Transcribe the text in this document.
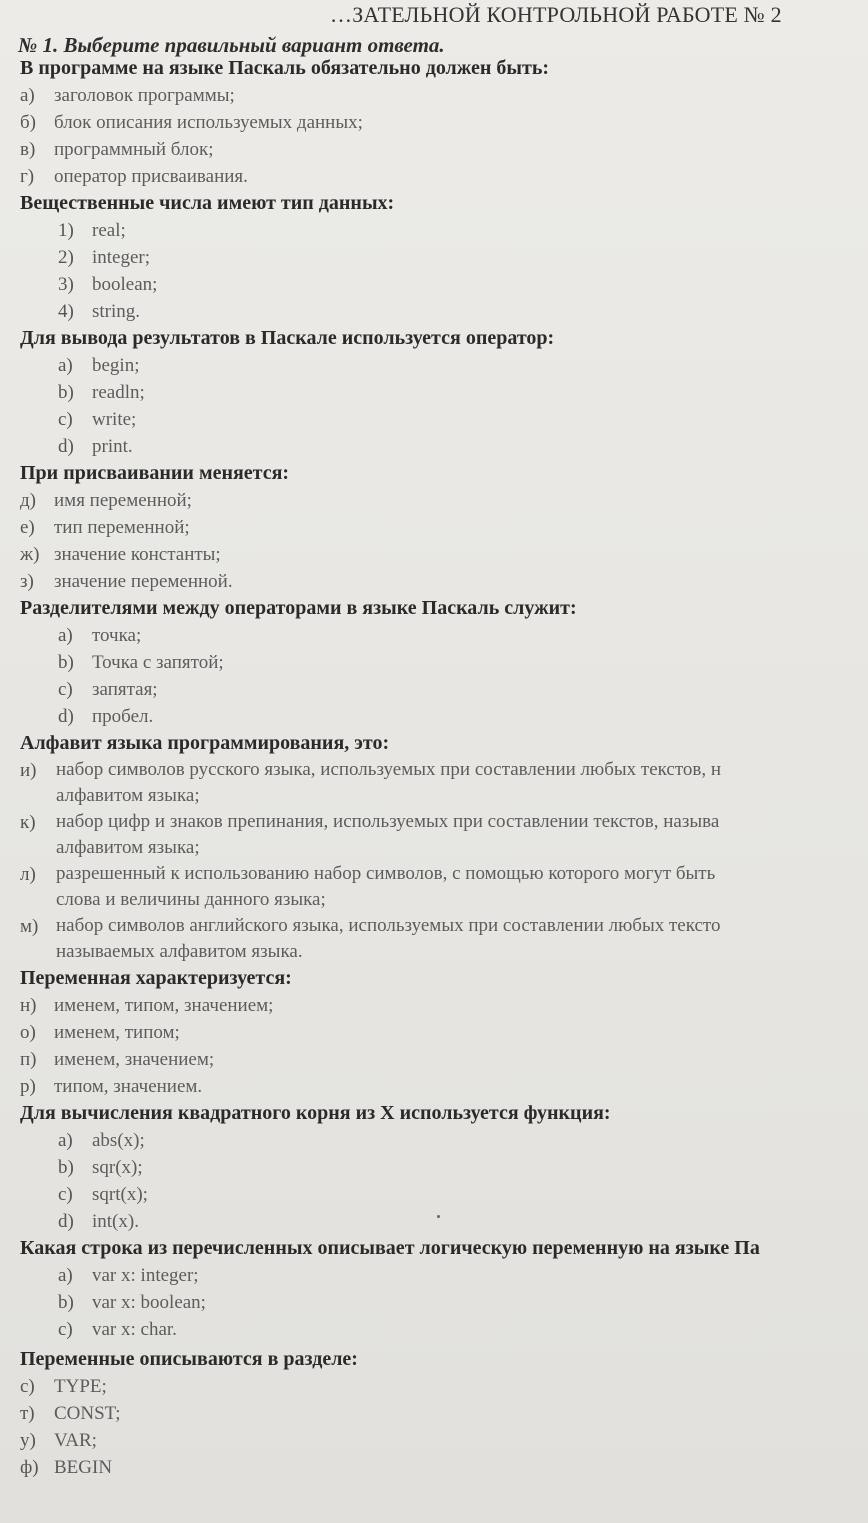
…ЗАТЕЛЬНОЙ КОНТРОЛЬНОЙ РАБОТЕ № 2
№ 1. Выберите правильный вариант ответа.
В программе на языке Паскаль обязательно должен быть:
а)	заголовок программы;
б) блок описания используемых данных;
в) программный блок;
г)	оператор присваивания.
Вещественные числа имеют тип данных:
1) real;
2) integer;
3) boolean;
4) string.
Для вывода результатов в Паскале используется оператор:
a)	begin;
b) readln;
c)	write;
d) print.
При присваивании меняется:
д) имя переменной;
е)	тип переменной;
ж) значение константы;
з)	значение переменной.
Разделителями между операторами в языке Паскаль служит:
a)	точка;
b) Точка с запятой;
c)	запятая;
d) пробел.
Алфавит языка программирования, это:
и)	набор символов русского языка, используемых при составлении любых текстов, н
алфавитом языка;
к)	набор цифр и знаков препинания, используемых при составлении текстов, называ
алфавитом языка;
л)	разрешенный к использованию набор символов, с помощью которого могут быть
слова и величины данного языка;
м) набор символов английского языка, используемых при составлении любых тексто
называемых алфавитом языка.
Переменная характеризуется:
н) именем, типом, значением;
о) именем, типом;
п) именем, значением;
р) типом, значением.
Для вычисления квадратного корня из X используется функция:
a)	abs(x);
b) sqr(x);
c)	sqrt(x);
d) int(x).
Какая строка из перечисленных описывает логическую переменную на языке Па
a)	var x: integer;
b) var x: boolean;
c)	var x: char.
Переменные описываются в разделе:
с)	TYPE;
т)	CONST;
у) VAR;
ф) BEGIN
